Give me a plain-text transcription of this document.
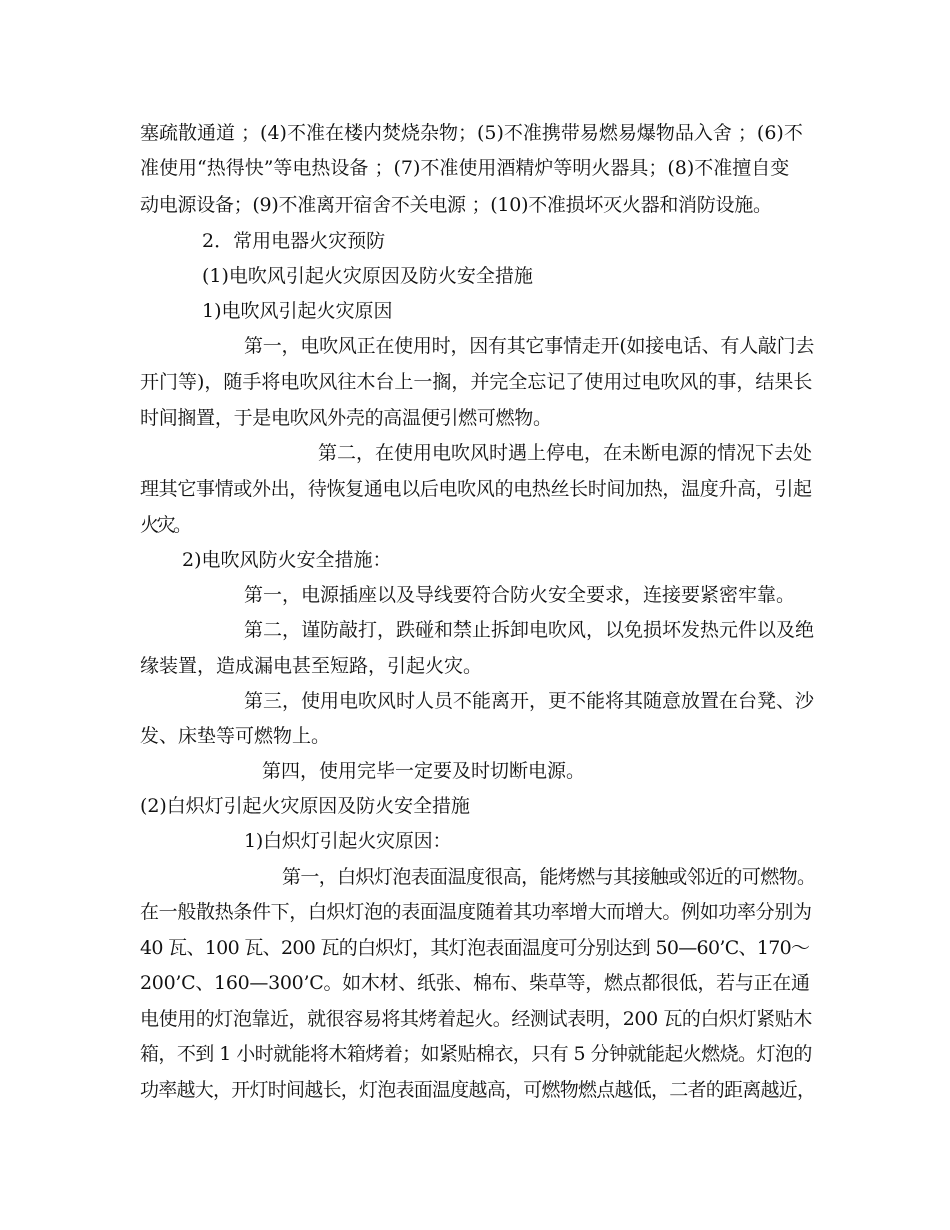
塞疏散通道 ；(4)不准在楼内焚烧杂物；(5)不准携带易燃易爆物品入舍 ；(6)不
准使用“热得快”等电热设备 ；(7)不准使用酒精炉等明火器具；(8)不准擅自变
动电源设备；(9)不准离开宿舍不关电源 ；(10)不准损坏灭火器和消防设施。
2．常用电器火灾预防
(1)电吹风引起火灾原因及防火安全措施
1)电吹风引起火灾原因
第一，电吹风正在使用时，因有其它事情走开(如接电话、有人敲门去
开门等)，随手将电吹风往木台上一搁，并完全忘记了使用过电吹风的事，结果长
时间搁置，于是电吹风外壳的高温便引燃可燃物。
第二，在使用电吹风时遇上停电，在未断电源的情况下去处
理其它事情或外出，待恢复通电以后电吹风的电热丝长时间加热，温度升高，引起
火灾。
2)电吹风防火安全措施：
第一，电源插座以及导线要符合防火安全要求，连接要紧密牢靠。
第二，谨防敲打，跌碰和禁止拆卸电吹风，以免损坏发热元件以及绝
缘装置，造成漏电甚至短路，引起火灾。
第三，使用电吹风时人员不能离开，更不能将其随意放置在台凳、沙
发、床垫等可燃物上。
第四，使用完毕一定要及时切断电源。
(2)白炽灯引起火灾原因及防火安全措施
1)白炽灯引起火灾原因：
第一，白炽灯泡表面温度很高，能烤燃与其接触或邻近的可燃物。
在一般散热条件下，白炽灯泡的表面温度随着其功率增大而增大。例如功率分别为
40 瓦、100 瓦、200 瓦的白炽灯，其灯泡表面温度可分别达到 50—60’C、170～
200’C、160—300’C。如木材、纸张、棉布、柴草等，燃点都很低，若与正在通
电使用的灯泡靠近，就很容易将其烤着起火。经测试表明，200 瓦的白炽灯紧贴木
箱，不到 1 小时就能将木箱烤着；如紧贴棉衣，只有 5 分钟就能起火燃烧。灯泡的
功率越大，开灯时间越长，灯泡表面温度越高，可燃物燃点越低，二者的距离越近，
